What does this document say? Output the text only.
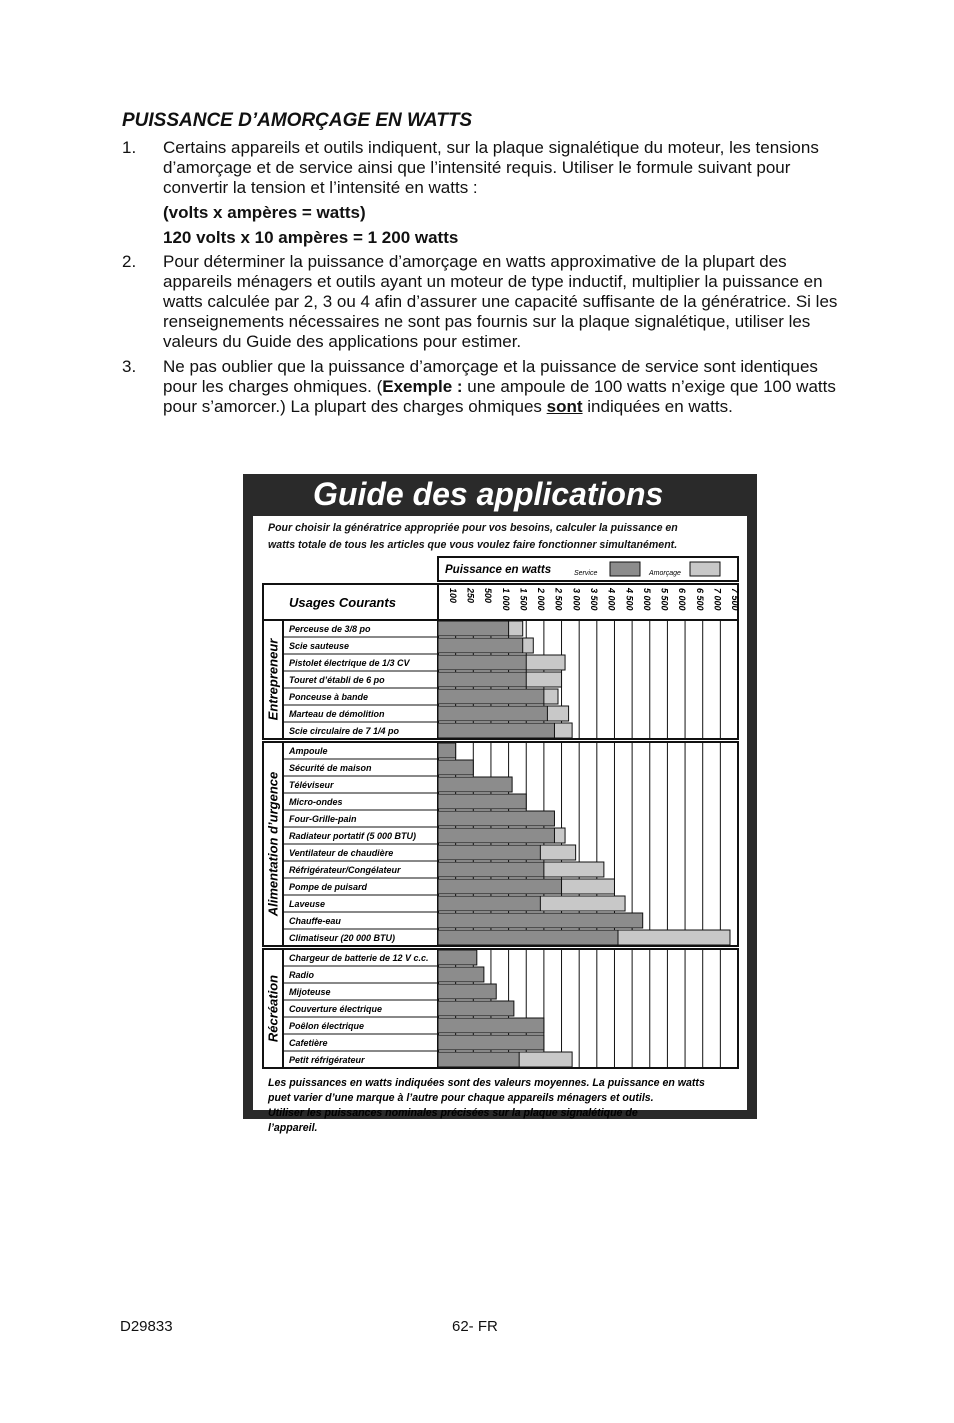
PUISSANCE D’AMORÇAGE EN WATTS

1. Certains appareils et outils indiquent, sur la plaque signalétique du moteur, les tensions d’amorçage et de service ainsi que l’intensité requis. Utiliser le formule suivant pour convertir la tension et l’intensité en watts :
(volts x ampères = watts)
120 volts x 10 ampères = 1 200 watts
2. Pour déterminer la puissance d’amorçage en watts approximative de la plupart des appareils ménagers et outils ayant un moteur de type inductif, multiplier la puissance en watts calculée par 2, 3 ou 4 afin d’assurer une capacité suffisante de la génératrice. Si les renseignements nécessaires ne sont pas fournis sur la plaque signalétique, utiliser les valeurs du Guide des applications pour estimer.
3. Ne pas oublier que la puissance d’amorçage et la puissance de service sont identiques pour les charges ohmiques. (Exemple : une ampoule de 100 watts n’exige que 100 watts pour s’amorcer.) La plupart des charges ohmiques sont indiquées en watts.
Guide des applications
Pour choisir la génératrice appropriée pour vos besoins, calculer la puissance en
watts totale de tous les articles que vous voulez faire fonctionner simultanément.
Puissance en watts	Service	Amorçage
Usages Courants	100 250 500 1 000 1 500 2 000 2 500 3 000 3 500 4 000 4 500 5 000 5 500 6 000 6 500 7 000 7 500
Entrepreneur
Perceuse de 3/8 po
Scie sauteuse
Pistolet électrique de 1/3 CV
Touret d’établi de 6 po
Ponceuse à bande
Marteau de démolition
Scie circulaire de 7 1/4 po
Alimentation d’urgence
Ampoule
Sécurité de maison
Téléviseur
Micro-ondes
Four-Grille-pain
Radiateur portatif (5 000 BTU)
Ventilateur de chaudière
Réfrigérateur/Congélateur
Pompe de puisard
Laveuse
Chauffe-eau
Climatiseur (20 000 BTU)
Récréation
Chargeur de batterie de 12 V c.c.
Radio
Mijoteuse
Couverture électrique
Poêlon électrique
Cafetière
Petit réfrigérateur
Les puissances en watts indiquées sont des valeurs moyennes. La puissance en watts
puet varier d’une marque à l’autre pour chaque appareils ménagers et outils.
Utiliser les puissances nominales précisées sur la plaque signalétique de
l’appareil.
D29833	62- FR
